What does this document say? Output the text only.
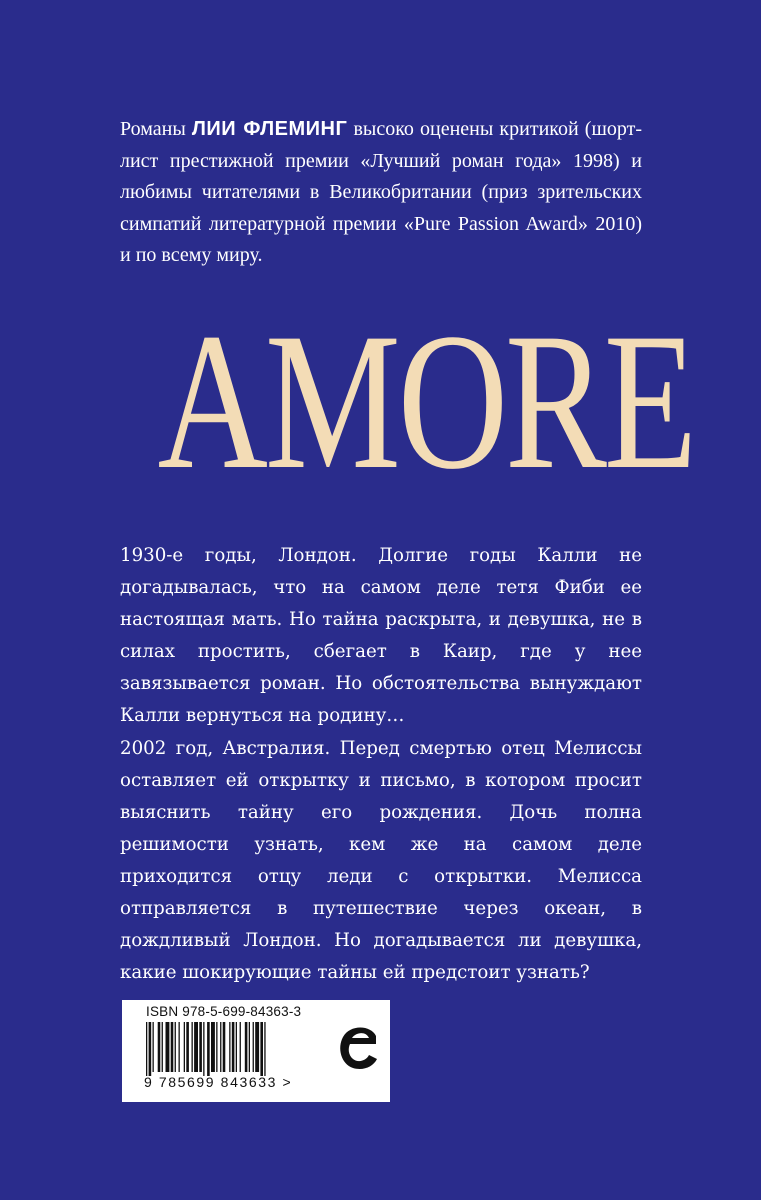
Романы ЛИИ ФЛЕМИНГ высоко оценены критикой (шорт-лист престижной премии «Лучший роман года» 1998) и любимы читателями в Великобритании (приз зрительских симпатий литературной премии «Pure Passion Award» 2010) и по всему миру.

AMORE

1930-е годы, Лондон. Долгие годы Калли не догадывалась, что на самом деле тетя Фиби ее настоящая мать. Но тайна раскрыта, и девушка, не в силах простить, сбегает в Каир, где у нее завязывается роман. Но обстоятельства вынуждают Калли вернуться на родину…

2002 год, Австралия. Перед смертью отец Мелиссы оставляет ей открытку и письмо, в котором просит выяснить тайну его рождения. Дочь полна решимости узнать, кем же на самом деле приходится отцу леди с открытки. Мелисса отправляется в путешествие через океан, в дождливый Лондон. Но догадывается ли девушка, какие шокирующие тайны ей предстоит узнать?

ISBN 978-5-699-84363-3
9 785699 843633 >
